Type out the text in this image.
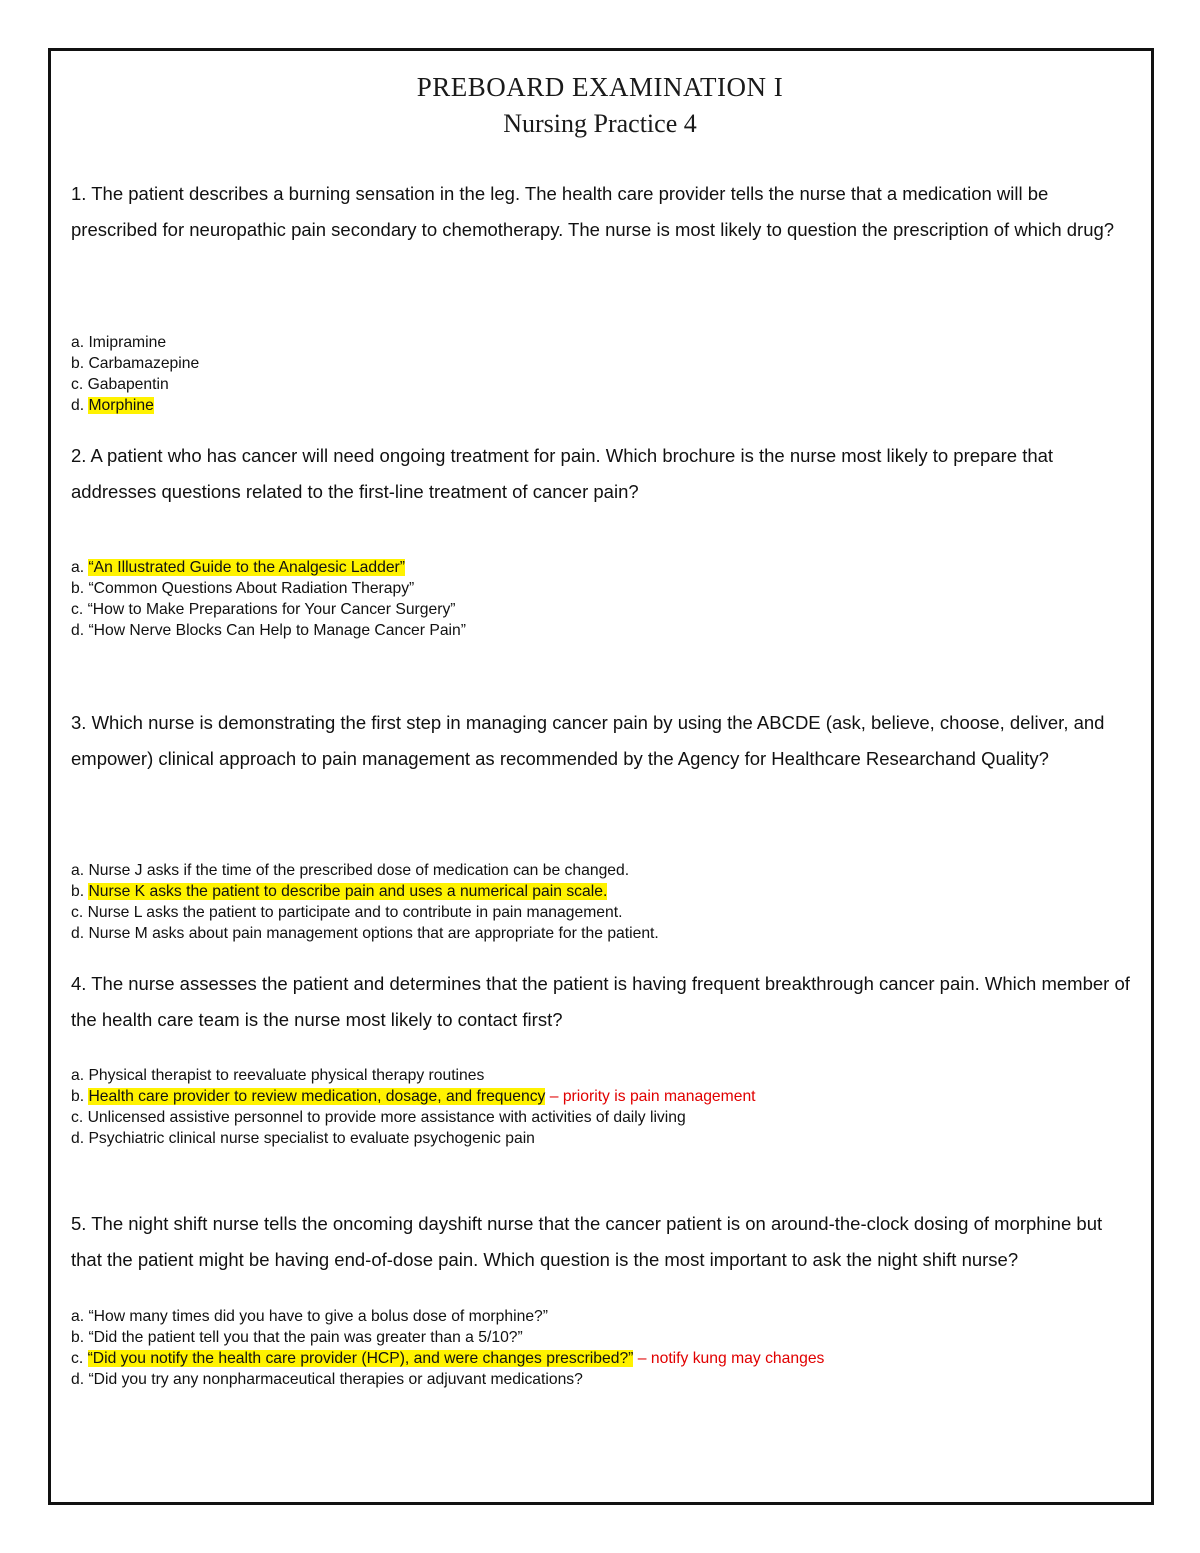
PREBOARD EXAMINATION I
Nursing Practice 4

1. The patient describes a burning sensation in the leg. The health care provider tells the nurse that a medication will be prescribed for neuropathic pain secondary to chemotherapy. The nurse is most likely to question the prescription of which drug?

a. Imipramine
b. Carbamazepine
c. Gabapentin
d. Morphine

2. A patient who has cancer will need ongoing treatment for pain. Which brochure is the nurse most likely to prepare that addresses questions related to the first-line treatment of cancer pain?

a. “An Illustrated Guide to the Analgesic Ladder”
b. “Common Questions About Radiation Therapy”
c. “How to Make Preparations for Your Cancer Surgery”
d. “How Nerve Blocks Can Help to Manage Cancer Pain”

3. Which nurse is demonstrating the first step in managing cancer pain by using the ABCDE (ask, believe, choose, deliver, and empower) clinical approach to pain management as recommended by the Agency for Healthcare Researchand Quality?

a. Nurse J asks if the time of the prescribed dose of medication can be changed.
b. Nurse K asks the patient to describe pain and uses a numerical pain scale.
c. Nurse L asks the patient to participate and to contribute in pain management.
d. Nurse M asks about pain management options that are appropriate for the patient.

4. The nurse assesses the patient and determines that the patient is having frequent breakthrough cancer pain. Which member of the health care team is the nurse most likely to contact first?

a. Physical therapist to reevaluate physical therapy routines
b. Health care provider to review medication, dosage, and frequency – priority is pain management
c. Unlicensed assistive personnel to provide more assistance with activities of daily living
d. Psychiatric clinical nurse specialist to evaluate psychogenic pain

5. The night shift nurse tells the oncoming dayshift nurse that the cancer patient is on around-the-clock dosing of morphine but that the patient might be having end-of-dose pain. Which question is the most important to ask the night shift nurse?

a. “How many times did you have to give a bolus dose of morphine?”
b. “Did the patient tell you that the pain was greater than a 5/10?”
c. “Did you notify the health care provider (HCP), and were changes prescribed?” – notify kung may changes
d. “Did you try any nonpharmaceutical therapies or adjuvant medications?
